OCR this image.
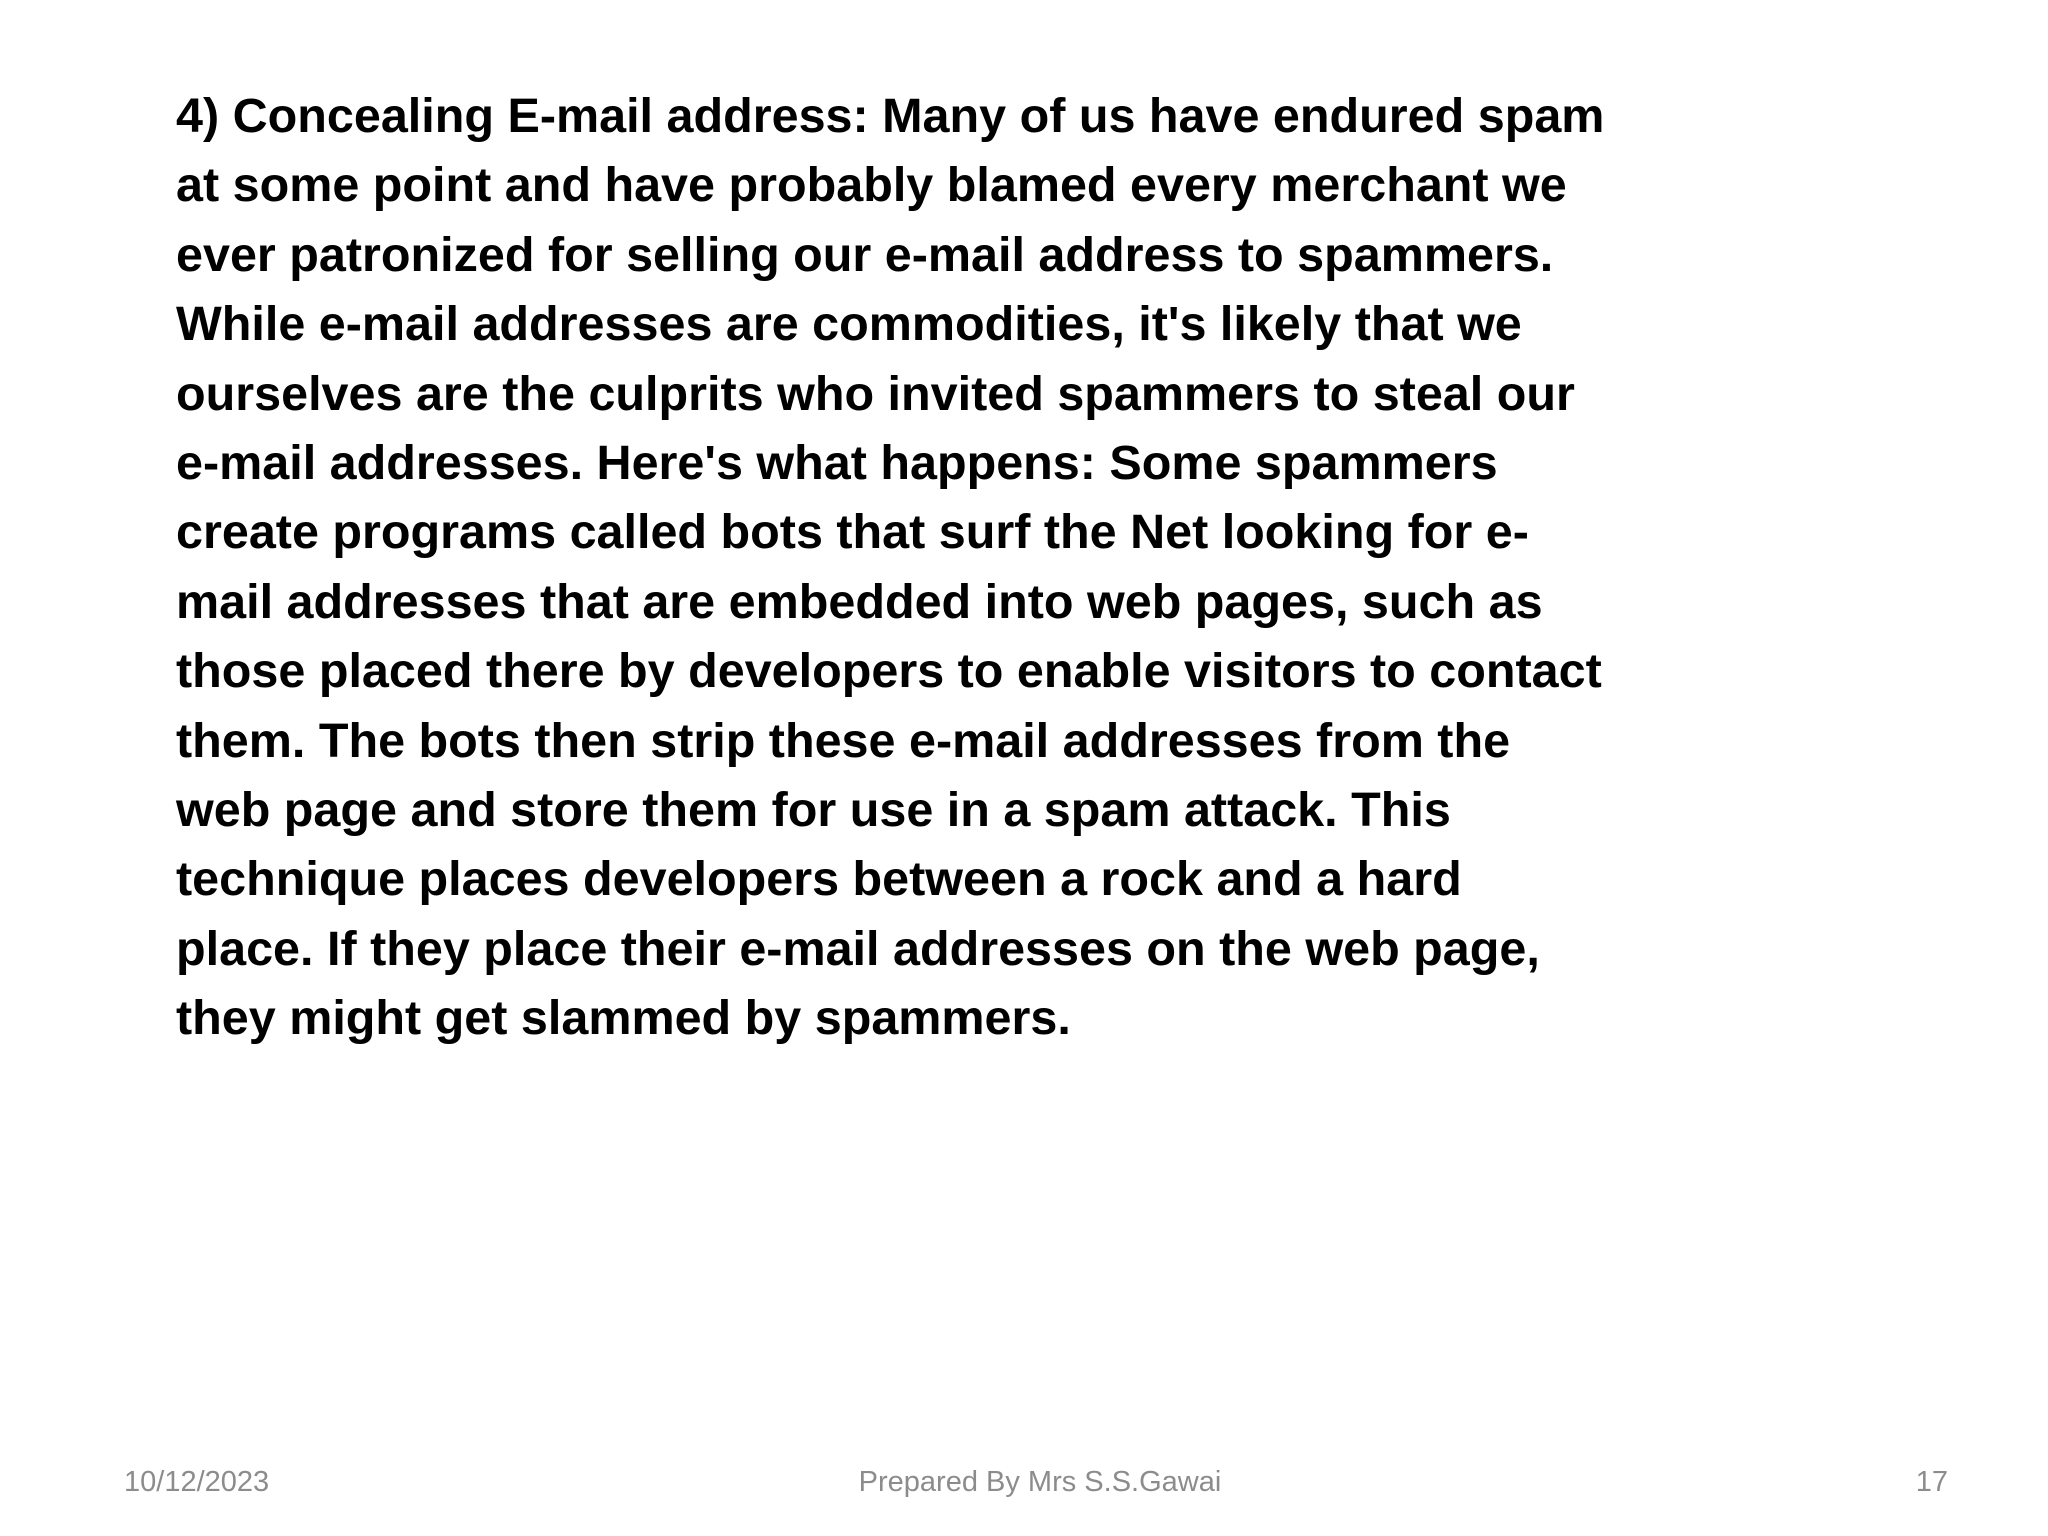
4) Concealing E-mail address: Many of us have endured spam
at some point and have probably blamed every merchant we
ever patronized for selling our e-mail address to spammers.
While e-mail addresses are commodities, it's likely that we
ourselves are the culprits who invited spammers to steal our
e-mail addresses. Here's what happens: Some spammers
create programs called bots that surf the Net looking for e-
mail addresses that are embedded into web pages, such as
those placed there by developers to enable visitors to contact
them. The bots then strip these e-mail addresses from the
web page and store them for use in a spam attack. This
technique places developers between a rock and a hard
place. If they place their e-mail addresses on the web page,
they might get slammed by spammers.
10/12/2023	Prepared By Mrs S.S.Gawai	17
